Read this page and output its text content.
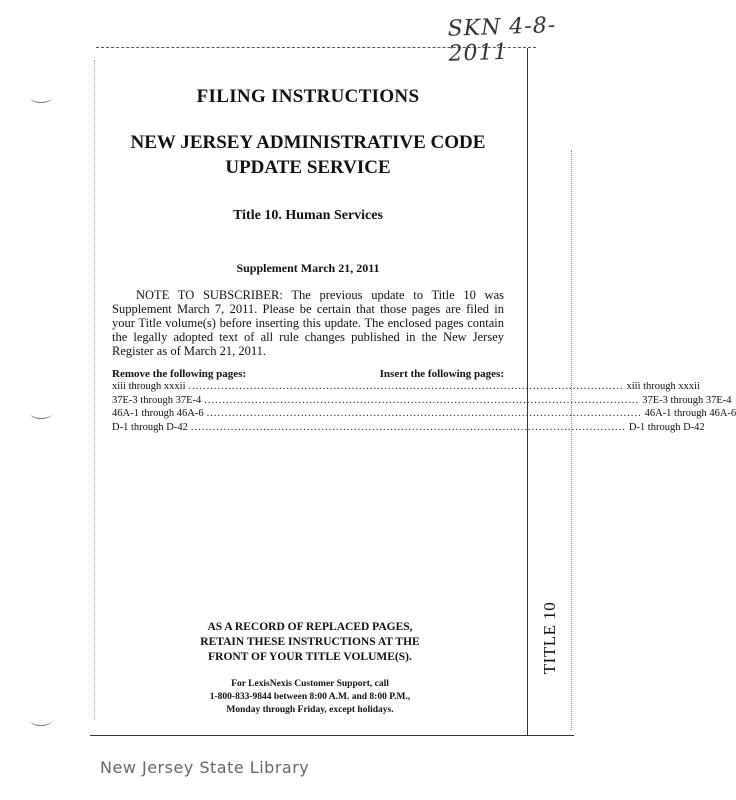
SKN 4-8-2011

FILING INSTRUCTIONS

NEW JERSEY ADMINISTRATIVE CODE

UPDATE SERVICE

Title 10. Human Services

Supplement March 21, 2011

NOTE TO SUBSCRIBER: The previous update to Title 10 was Supplement March 7, 2011. Please be certain that those pages are filed in your Title volume(s) before inserting this update. The enclosed pages contain the legally adopted text of all rule changes published in the New Jersey Register as of March 21, 2011.

Remove the following pages:	Insert the following pages:
xiii through xxxii ........................................................................................................................ xiii through xxxii
37E-3 through 37E-4 ........................................................................................................................ 37E-3 through 37E-4
46A-1 through 46A-6 ........................................................................................................................ 46A-1 through 46A-6
D-1 through D-42 ........................................................................................................................ D-1 through D-42
AS A RECORD OF REPLACED PAGES,
RETAIN THESE INSTRUCTIONS AT THE
FRONT OF YOUR TITLE VOLUME(S).
For LexisNexis Customer Support, call
1-800-833-9844 between 8:00 A.M. and 8:00 P.M.,
Monday through Friday, except holidays.
TITLE 10
New Jersey State Library
